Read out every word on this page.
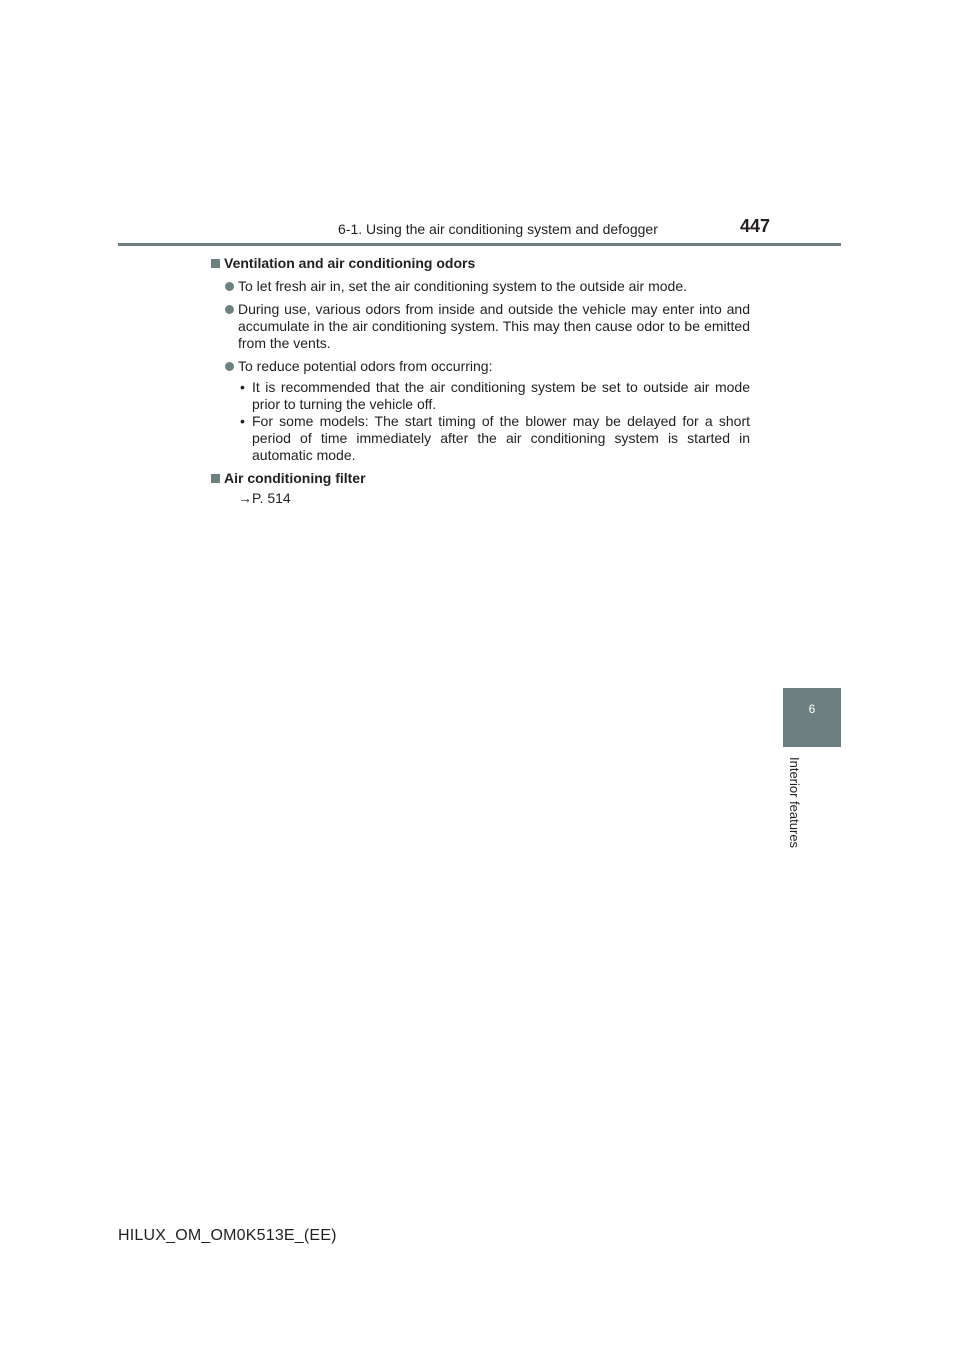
6-1. Using the air conditioning system and defogger	447
6
Interior features
Ventilation and air conditioning odors
To let fresh air in, set the air conditioning system to the outside air mode.
During use, various odors from inside and outside the vehicle may enter into and accumulate in the air conditioning system. This may then cause odor to be emitted from the vents.
To reduce potential odors from occurring:
• It is recommended that the air conditioning system be set to outside air mode prior to turning the vehicle off.
• For some models: The start timing of the blower may be delayed for a short period of time immediately after the air conditioning system is started in automatic mode.
Air conditioning filter
→P. 514
HILUX_OM_OM0K513E_(EE)
